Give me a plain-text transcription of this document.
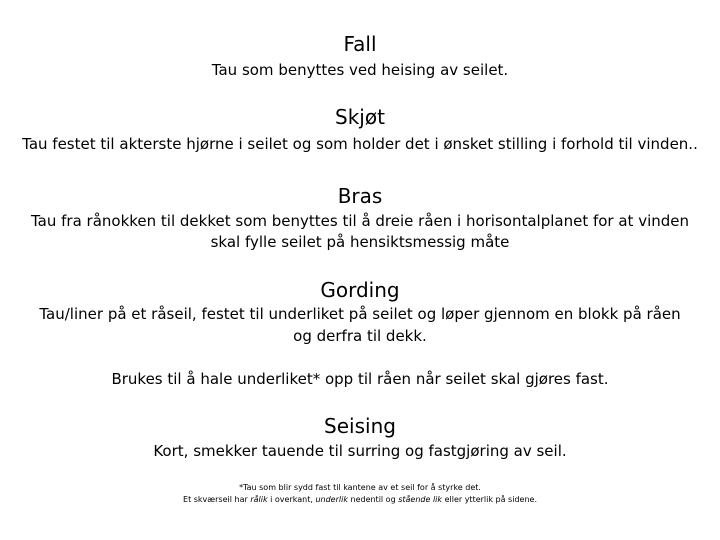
Fall
Tau som benyttes ved heising av seilet.
Skjøt
Tau festet til akterste hjørne i seilet og som holder det i ønsket stilling i forhold til vinden..
Bras
Tau fra rånokken til dekket som benyttes til å dreie råen i horisontalplanet for at vinden
skal fylle seilet på hensiktsmessig måte
Gording
Tau/liner på et råseil, festet til underliket på seilet og løper gjennom en blokk på råen
og derfra til dekk.
Brukes til å hale underliket* opp til råen når seilet skal gjøres fast.
Seising
Kort, smekker tauende til surring og fastgjøring av seil.
*Tau som blir sydd fast til kantene av et seil for å styrke det.
Et skværseil har rålik i overkant, underlik nedentil og stående lik eller ytterlik på sidene.
